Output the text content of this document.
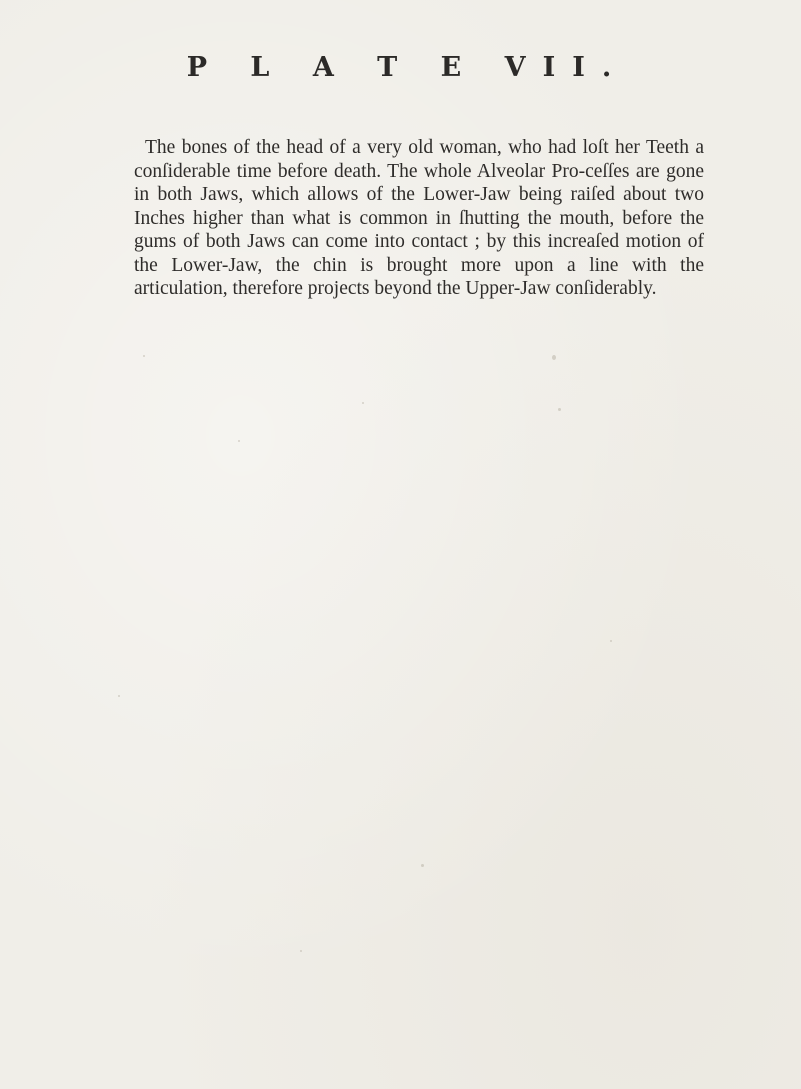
P L A T E VII.

The bones of the head of a very old woman, who had loſt her Teeth a conſiderable time before death. The whole Alveolar Pro-ceſſes are gone in both Jaws, which allows of the Lower-Jaw being raiſed about two Inches higher than what is common in ſhutting the mouth, before the gums of both Jaws can come into contact ; by this increaſed motion of the Lower-Jaw, the chin is brought more upon a line with the articulation, therefore projects beyond the Upper-Jaw conſiderably.
